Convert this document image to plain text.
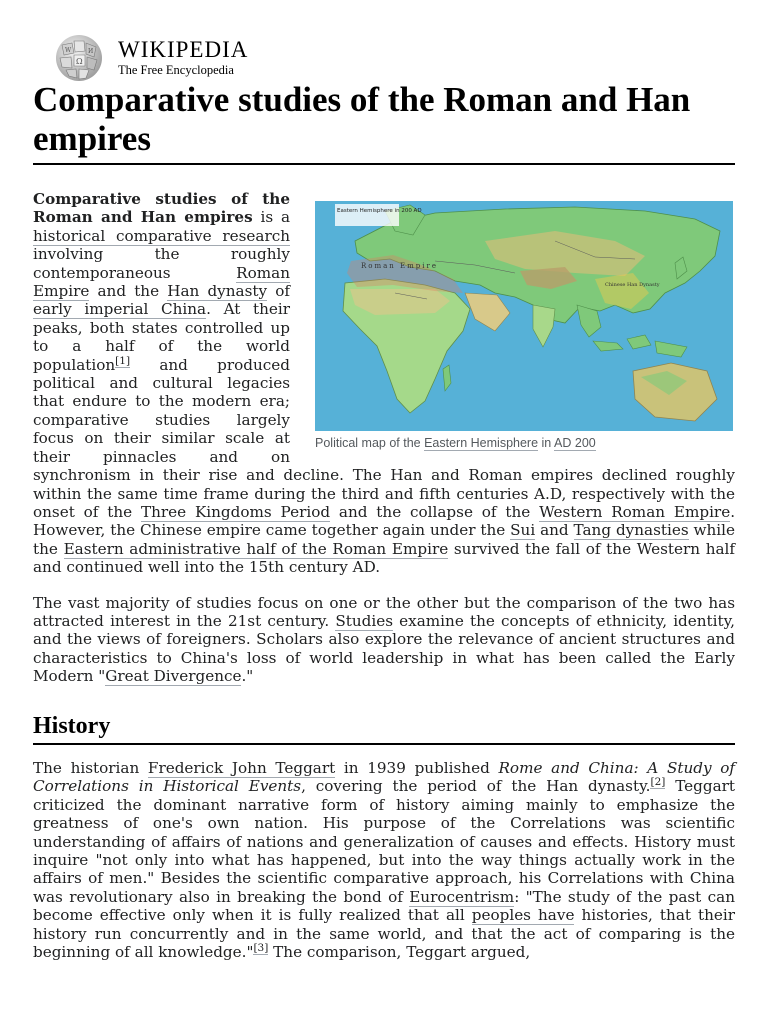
Ω
W	И WIKIPEDIA
The Free Encyclopedia
Comparative studies of the Roman and Han empires
Eastern Hemisphere in 200 AD
Roman Empire
Chinese Han Dynasty
Political map of the Eastern Hemisphere in AD 200

Comparative studies of the Roman and Han empires is a historical comparative research involving the roughly contemporaneous Roman Empire and the Han dynasty of early imperial China. At their peaks, both states controlled up to a half of the world population[1] and produced political and cultural legacies that endure to the modern era; comparative studies largely focus on their similar scale at their pinnacles and on synchronism in their rise and decline. The Han and Roman empires declined roughly within the same time frame during the third and fifth centuries A.D, respectively with the onset of the Three Kingdoms Period and the collapse of the Western Roman Empire. However, the Chinese empire came together again under the Sui and Tang dynasties while the Eastern administrative half of the Roman Empire survived the fall of the Western half and continued well into the 15th century AD.

The vast majority of studies focus on one or the other but the comparison of the two has attracted interest in the 21st century. Studies examine the concepts of ethnicity, identity, and the views of foreigners. Scholars also explore the relevance of ancient structures and characteristics to China's loss of world leadership in what has been called the Early Modern "Great Divergence."

History

The historian Frederick John Teggart in 1939 published Rome and China: A Study of Correlations in Historical Events, covering the period of the Han dynasty.[2] Teggart criticized the dominant narrative form of history aiming mainly to emphasize the greatness of one's own nation. His purpose of the Correlations was scientific understanding of affairs of nations and generalization of causes and effects. History must inquire "not only into what has happened, but into the way things actually work in the affairs of men." Besides the scientific comparative approach, his Correlations with China was revolutionary also in breaking the bond of Eurocentrism: "The study of the past can become effective only when it is fully realized that all peoples have histories, that their history run concurrently and in the same world, and that the act of comparing is the beginning of all knowledge."[3] The comparison, Teggart argued,
